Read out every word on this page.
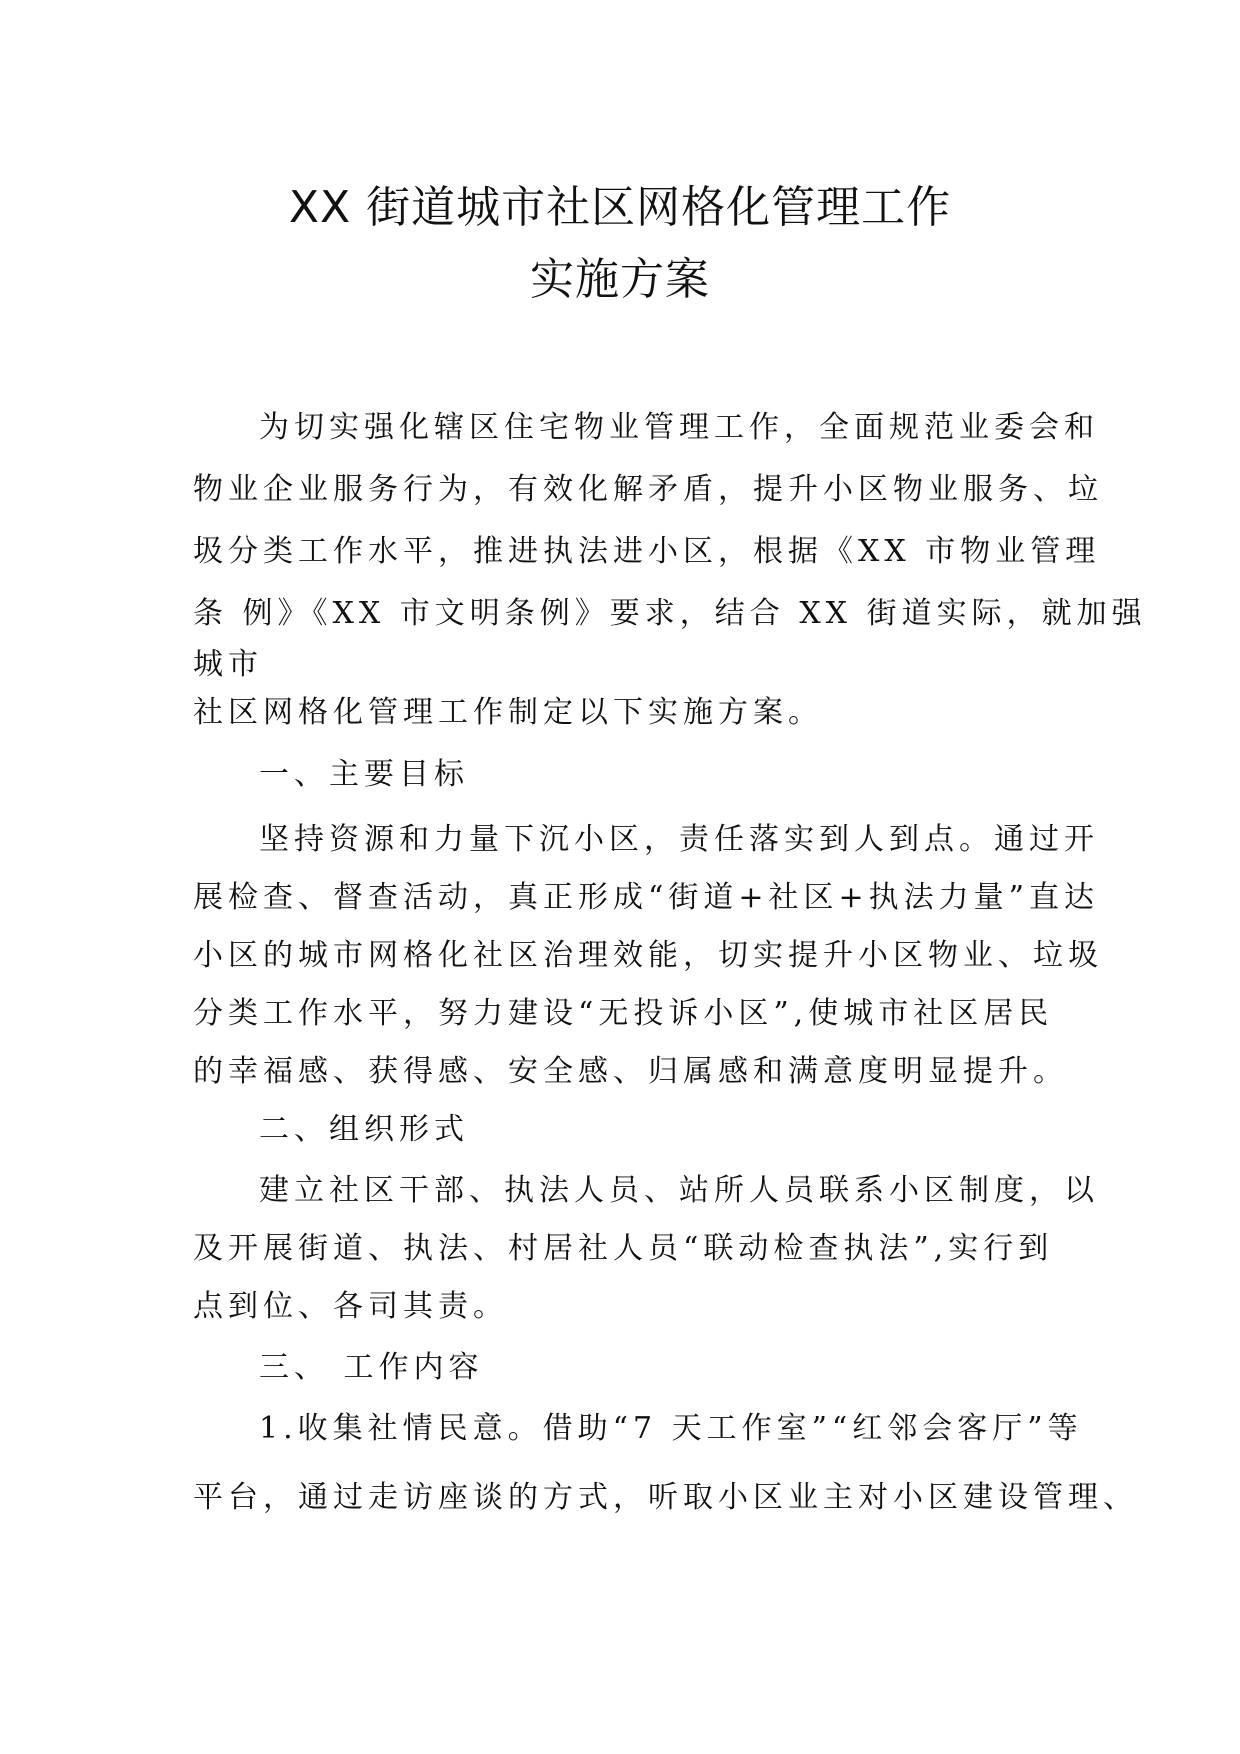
XX 街道城市社区网格化管理工作
实施方案
为切实强化辖区住宅物业管理工作，全面规范业委会和
物业企业服务行为，有效化解矛盾，提升小区物业服务、垃
圾分类工作水平，推进执法进小区，根据《XX 市物业管理
条 例》《XX 市文明条例》要求，结合 XX 街道实际，就加强
城市
社区网格化管理工作制定以下实施方案。
一、主要目标
坚持资源和力量下沉小区，责任落实到人到点。通过开
展检查、督查活动，真正形成“街道+社区+执法力量”直达
小区的城市网格化社区治理效能，切实提升小区物业、垃圾
分类工作水平，努力建设“无投诉小区”,使城市社区居民
的幸福感、获得感、安全感、归属感和满意度明显提升。
二、组织形式
建立社区干部、执法人员、站所人员联系小区制度，以
及开展街道、执法、村居社人员“联动检查执法”,实行到
点到位、各司其责。
三、 工作内容
1.收集社情民意。借助“7 天工作室”“红邻会客厅”等
平台，通过走访座谈的方式，听取小区业主对小区建设管理、
